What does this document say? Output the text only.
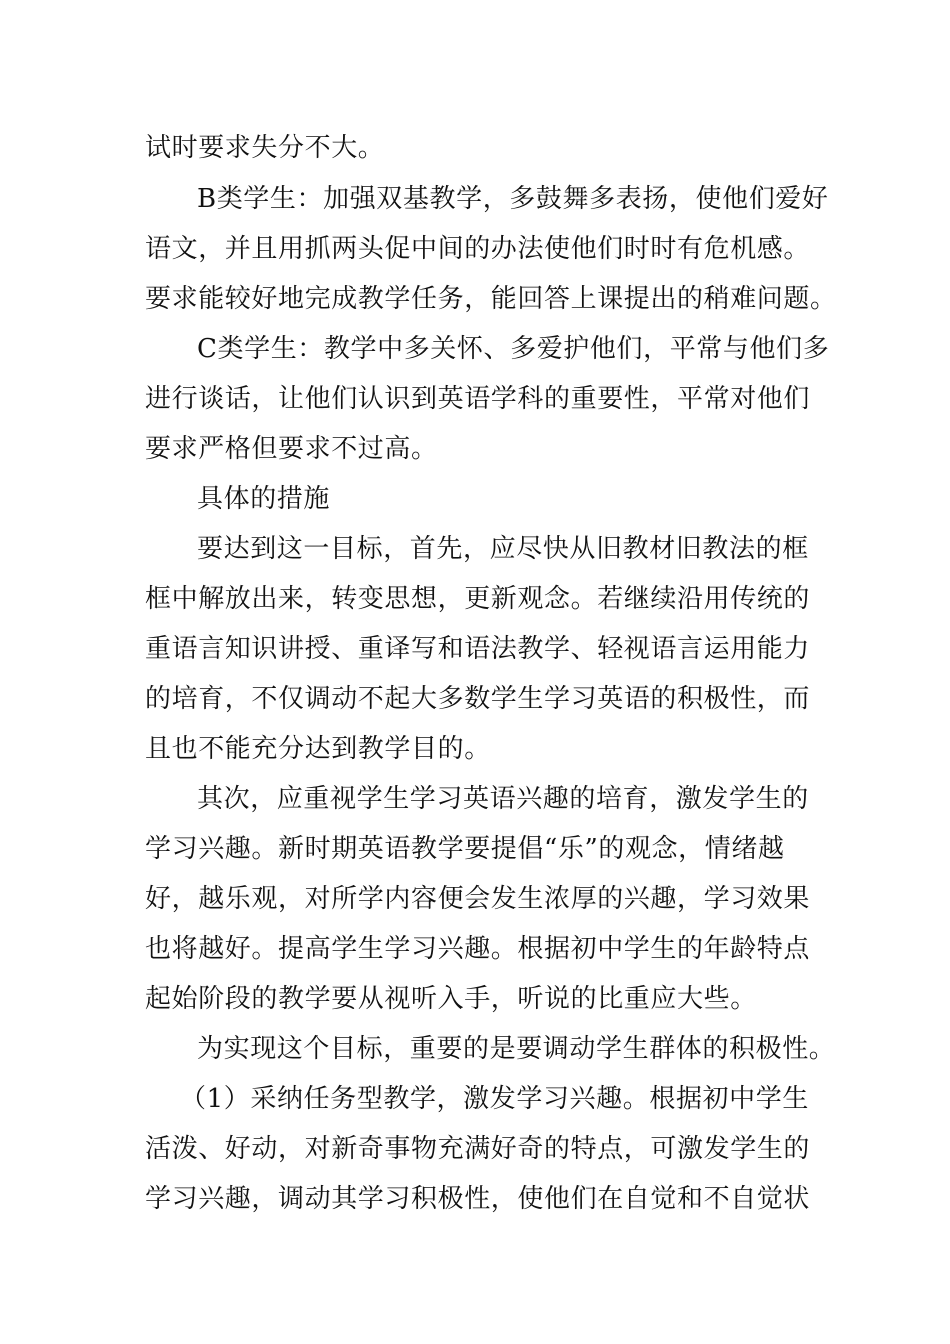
试时要求失分不大。
B类学生：加强双基教学，多鼓舞多表扬，使他们爱好
语文，并且用抓两头促中间的办法使他们时时有危机感。
要求能较好地完成教学任务，能回答上课提出的稍难问题。
C类学生：教学中多关怀、多爱护他们，平常与他们多
进行谈话，让他们认识到英语学科的重要性，平常对他们
要求严格但要求不过高。
具体的措施
要达到这一目标，首先，应尽快从旧教材旧教法的框
框中解放出来，转变思想，更新观念。若继续沿用传统的
重语言知识讲授、重译写和语法教学、轻视语言运用能力
的培育，不仅调动不起大多数学生学习英语的积极性，而
且也不能充分达到教学目的。
其次，应重视学生学习英语兴趣的培育，激发学生的
学习兴趣。新时期英语教学要提倡“乐”的观念，情绪越
好，越乐观，对所学内容便会发生浓厚的兴趣，学习效果
也将越好。提高学生学习兴趣。根据初中学生的年龄特点
起始阶段的教学要从视听入手，听说的比重应大些。
为实现这个目标，重要的是要调动学生群体的积极性。
（1）采纳任务型教学，激发学习兴趣。根据初中学生
活泼、好动，对新奇事物充满好奇的特点，可激发学生的
学习兴趣，调动其学习积极性，使他们在自觉和不自觉状
